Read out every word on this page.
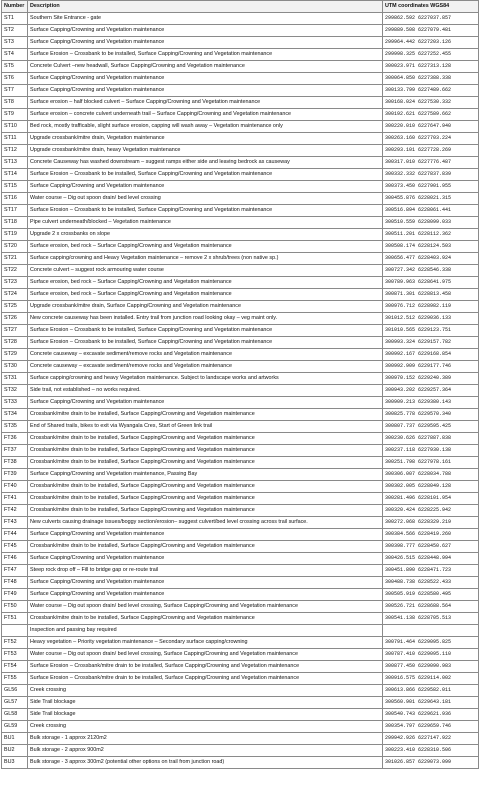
Number	Description	UTM coordinates WGS84
ST1	Southern Site Entrance - gate	299862.592 6227037.857
ST2	Surface Capping/Crowning and Vegetation maintenance	299889.508 6227079.481
ST3	Surface Capping/Crowning and Vegetation maintenance	299964.442 6227203.126
ST4	Surface Erosion – Crossbank to be installed, Surface Capping/Crowning and Vegetation maintenance	299998.325 6227252.455
ST5	Concrete Culvert –new headwall, Surface Capping/Crowning and Vegetation maintenance	300023.971 6227313.128
ST6	Surface Capping/Crowning and Vegetation maintenance	300064.850 6227388.338
ST7	Surface Capping/Crowning and Vegetation maintenance	300133.799 6227489.662
ST8	Surface erosion – half blocked culvert – Surface Capping/Crowning and Vegetation maintenance	300168.024 6227530.332
ST9	Surface erosion – concrete culvert underneath trail – Surface Capping/Crowning and Vegetation maintenance	300192.621 6227589.662
ST10	Bed rock, mostly trafficable, slight surface erosion, capping will wash away – Vegetation maintenance only	300220.010 6227647.940
ST11	Upgrade crossbank/mitre drain, Vegetation maintenance	300263.160 6227703.224
ST12	Upgrade crossbank/mitre drain, heavy Vegetation maintenance	300293.101 6227728.269
ST13	Concrete Causeway has washed downstream – suggest ramps either side and leaving bedrock as causeway	300317.010 6227776.487
ST14	Surface Erosion – Crossbank to be installed, Surface Capping/Crowning and Vegetation maintenance	300332.332 6227837.839
ST15	Surface Capping/Crowning and Vegetation maintenance	300373.450 6227901.955
ST16	Water course – Dig out spoon drain/ bed level crossing	300455.876 6228021.315
ST17	Surface Erosion – Crossbank to be installed, Surface Capping/Crowning and Vegetation maintenance	300516.894 6228061.441
ST18	Pipe culvert underneath/blocked – Vegetation maintenance	300510.559 6228099.033
ST19	Upgrade 2 x crossbanks on slope	300511.201 6228112.362
ST20	Surface erosion, bed rock – Surface Capping/Crowning and Vegetation maintenance	300508.174 6228124.503
ST21	Surface capping/crowning and Heavy Vegetation maintenance – remove 2 x shrub/trees (non native sp.)	300656.477 6228403.924
ST22	Concrete culvert – suggest rock armouring water course	300727.342 6228546.338
ST23	Surface erosion, bed rock – Surface Capping/Crowning and Vegetation maintenance	300789.963 6228641.975
ST24	Surface erosion, bed rock – Surface Capping/Crowning and Vegetation maintenance	300871.301 6228813.458
ST25	Upgrade crossbank/mitre drain, Surface Capping/Crowning and Vegetation maintenance	300976.712 6228982.119
ST26	New concrete causeway has been installed. Entry trail from junction road looking okay – veg maint only.	301012.512 6229036.133
ST27	Surface Erosion – Crossbank to be installed, Surface Capping/Crowning and Vegetation maintenance	301010.565 6229123.751
ST28	Surface Erosion – Crossbank to be installed, Surface Capping/Crowning and Vegetation maintenance	300993.324 6229157.782
ST29	Concrete causeway – excavate sediment/remove rocks and Vegetation maintenance	300992.167 6229168.854
ST30	Concrete causeway – excavate sediment/remove rocks and Vegetation maintenance	300992.909 6229177.746
ST31	Surface capping/crowning and heavy Vegetation maintenance. Subject to landscape works and artworks	300970.152 6229240.389
ST32	Side trail, not established – no works required.	300943.202 6229257.364
ST33	Surface Capping/Crowning and Vegetation maintenance	300909.213 6229380.143
ST34	Crossbank/mitre drain to be installed, Surface Capping/Crowning and Vegetation maintenance	300825.778 6229570.340
ST35	End of Shared trails, bikes to exit via Wyangala Cres, Start of Green link trail	300807.737 6229595.425
FT36	Crossbank/mitre drain to be installed, Surface Capping/Crowning and Vegetation maintenance	300230.626 6227887.838
FT37	Crossbank/mitre drain to be installed, Surface Capping/Crowning and Vegetation maintenance	300237.118 6227930.138
FT38	Crossbank/mitre drain to be installed, Surface Capping/Crowning and Vegetation maintenance	300251.798 6227978.161
FT39	Surface Capping/Crowning and Vegetation maintenance, Passing Bay	300306.007 6228034.788
FT40	Crossbank/mitre drain to be installed, Surface Capping/Crowning and Vegetation maintenance	300302.005 6228049.128
FT41	Crossbank/mitre drain to be installed, Surface Capping/Crowning and Vegetation maintenance	300281.496 6228101.954
FT42	Crossbank/mitre drain to be installed, Surface Capping/Crowning and Vegetation maintenance	300320.424 6228225.942
FT43	New culverts causing drainage issues/boggy section/erosion– suggest culvert/bed level crossing across trail surface.	300272.068 6228329.219
FT44	Surface Capping/Crowning and Vegetation maintenance	300384.566 6228419.260
FT45	Crossbank/mitre drain to be installed, Surface Capping/Crowning and Vegetation maintenance	300398.777 6228450.627
FT46	Surface Capping/Crowning and Vegetation maintenance	300426.515 6228448.994
FT47	Steep rock drop off – Fill to bridge gap or re-route trail	300451.890 6228471.723
FT48	Surface Capping/Crowning and Vegetation maintenance	300488.738 6228522.433
FT49	Surface Capping/Crowning and Vegetation maintenance	300505.919 6228580.495
FT50	Water course – Dig out spoon drain/ bed level crossing, Surface Capping/Crowning and Vegetation maintenance	300526.721 6228688.564
FT51	Crossbank/mitre drain to be installed, Surface Capping/Crowning and Vegetation maintenance	300541.138 6228705.513
	Inspection and passing bay required	
FT52	Heavy vegetation – Priority vegetation maintenance – Secondary surface capping/crowning	300791.464 6229095.825
FT53	Water course – Dig out spoon drain/ bed level crossing, Surface Capping/Crowning and Vegetation maintenance	300787.410 6229095.110
FT54	Surface Erosion – Crossbank/mitre drain to be installed, Surface Capping/Crowning and Vegetation maintenance	300877.450 6229090.983
FT55	Surface Erosion – Crossbank/mitre drain to be installed, Surface Capping/Crowning and Vegetation maintenance	300916.575 6229114.002
GL56	Creek crossing	300613.866 6229582.011
GL57	Side Trail blockage	300560.901 6229643.181
GL58	Side Trail blockage	300540.743 6229621.936
GL59	Creek crossing	300354.797 6229659.746
BU1	Bulk storage - 1 approx 2120m2	299942.926 6227147.922
BU2	Bulk storage - 2 approx 900m2	300223.410 6228310.506
BU3	Bulk storage - 3 approx 300m2 (potential other options on trail from junction road)	301026.857 6229073.099
